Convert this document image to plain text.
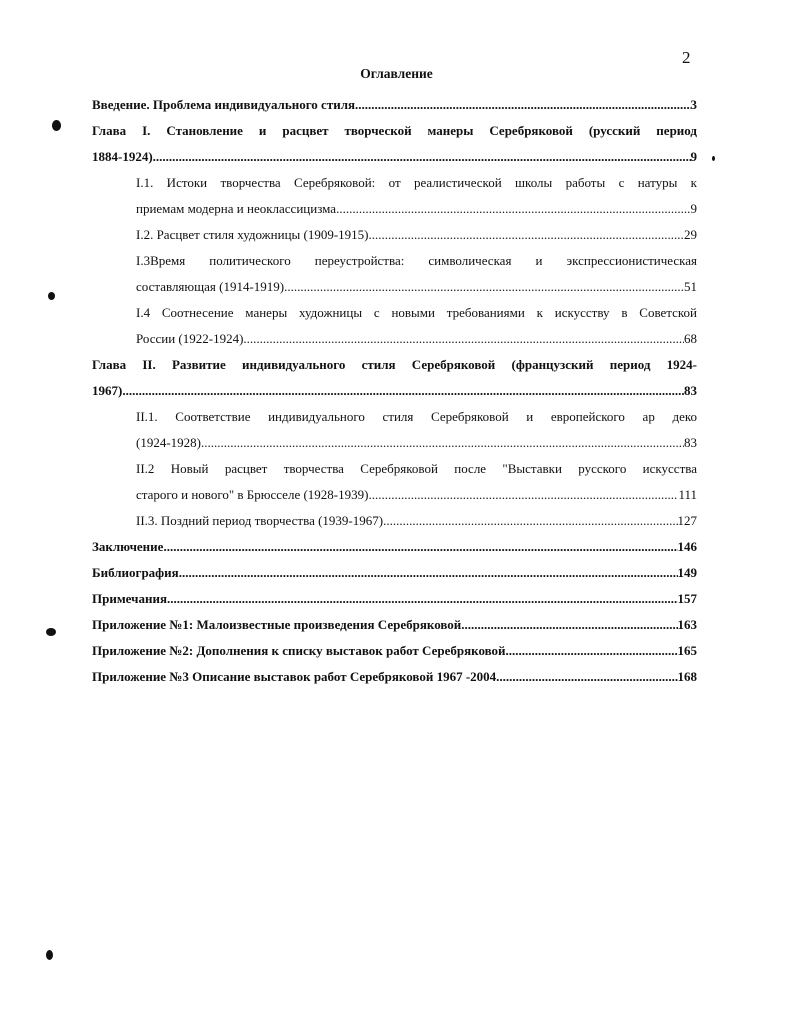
2
Оглавление
Введение. Проблема индивидуального стиля .....	3
Глава I. Становление и расцвет творческой манеры Серебряковой (русский период
1884-1924) .....	9
I.1. Истоки творчества Серебряковой: от реалистической школы работы с натуры к
приемам модерна и неоклассицизма .....	9
I.2. Расцвет стиля художницы (1909-1915) .....	29
I.3Время политического переустройства: символическая и экспрессионистическая
составляющая (1914-1919) .....	51
I.4 Соотнесение манеры художницы с новыми требованиями к искусству в Советской
России (1922-1924) .....	68
Глава II. Развитие индивидуального стиля Серебряковой (французский период 1924-
1967) .....	83
II.1. Соответствие индивидуального стиля Серебряковой и европейского ар деко
(1924-1928) .....	83
II.2 Новый расцвет творчества Серебряковой после "Выставки русского искусства
старого и нового" в Брюсселе (1928-1939) .....	111
II.3. Поздний период творчества (1939-1967) .....	127
Заключение .....	146
Библиография .....	149
Примечания .....	157
Приложение №1: Малоизвестные произведения Серебряковой .....	163
Приложение №2: Дополнения к списку выставок работ Серебряковой .....	165
Приложение №3 Описание выставок работ Серебряковой 1967 -2004 .....	168
